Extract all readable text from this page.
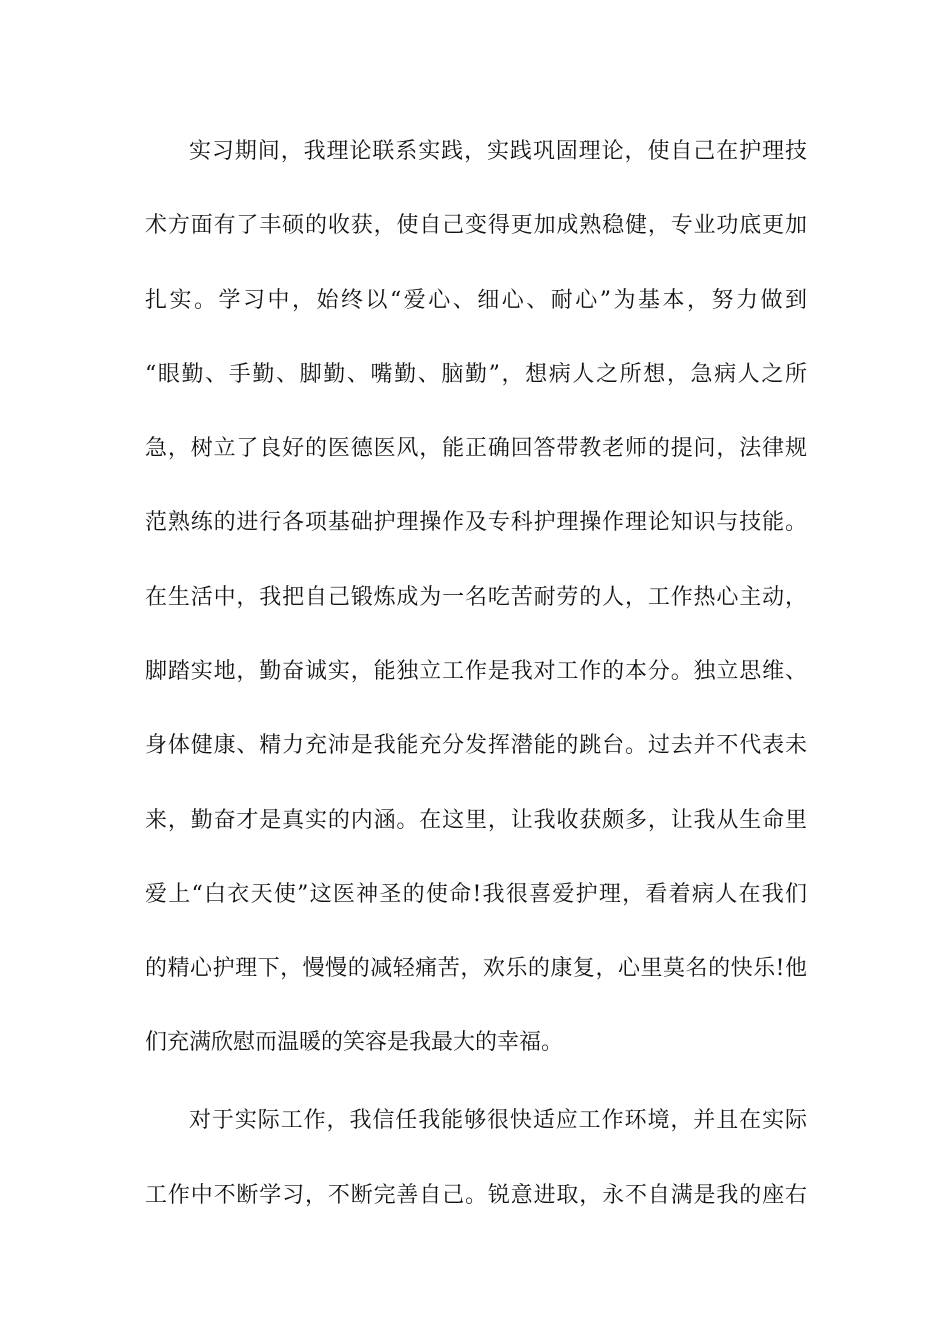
实习期间，我理论联系实践，实践巩固理论，使自己在护理技
术方面有了丰硕的收获，使自己变得更加成熟稳健，专业功底更加
扎实。学习中，始终以“爱心、细心、耐心”为基本，努力做到
“眼勤、手勤、脚勤、嘴勤、脑勤”，想病人之所想，急病人之所
急，树立了良好的医德医风，能正确回答带教老师的提问，法律规
范熟练的进行各项基础护理操作及专科护理操作理论知识与技能。
在生活中，我把自己锻炼成为一名吃苦耐劳的人，工作热心主动，
脚踏实地，勤奋诚实，能独立工作是我对工作的本分。独立思维、
身体健康、精力充沛是我能充分发挥潜能的跳台。过去并不代表未
来，勤奋才是真实的内涵。在这里，让我收获颇多，让我从生命里
爱上“白衣天使”这医神圣的使命!我很喜爱护理，看着病人在我们
的精心护理下，慢慢的减轻痛苦，欢乐的康复，心里莫名的快乐!他
们充满欣慰而温暖的笑容是我最大的幸福。
对于实际工作，我信任我能够很快适应工作环境，并且在实际
工作中不断学习，不断完善自己。锐意进取，永不自满是我的座右
